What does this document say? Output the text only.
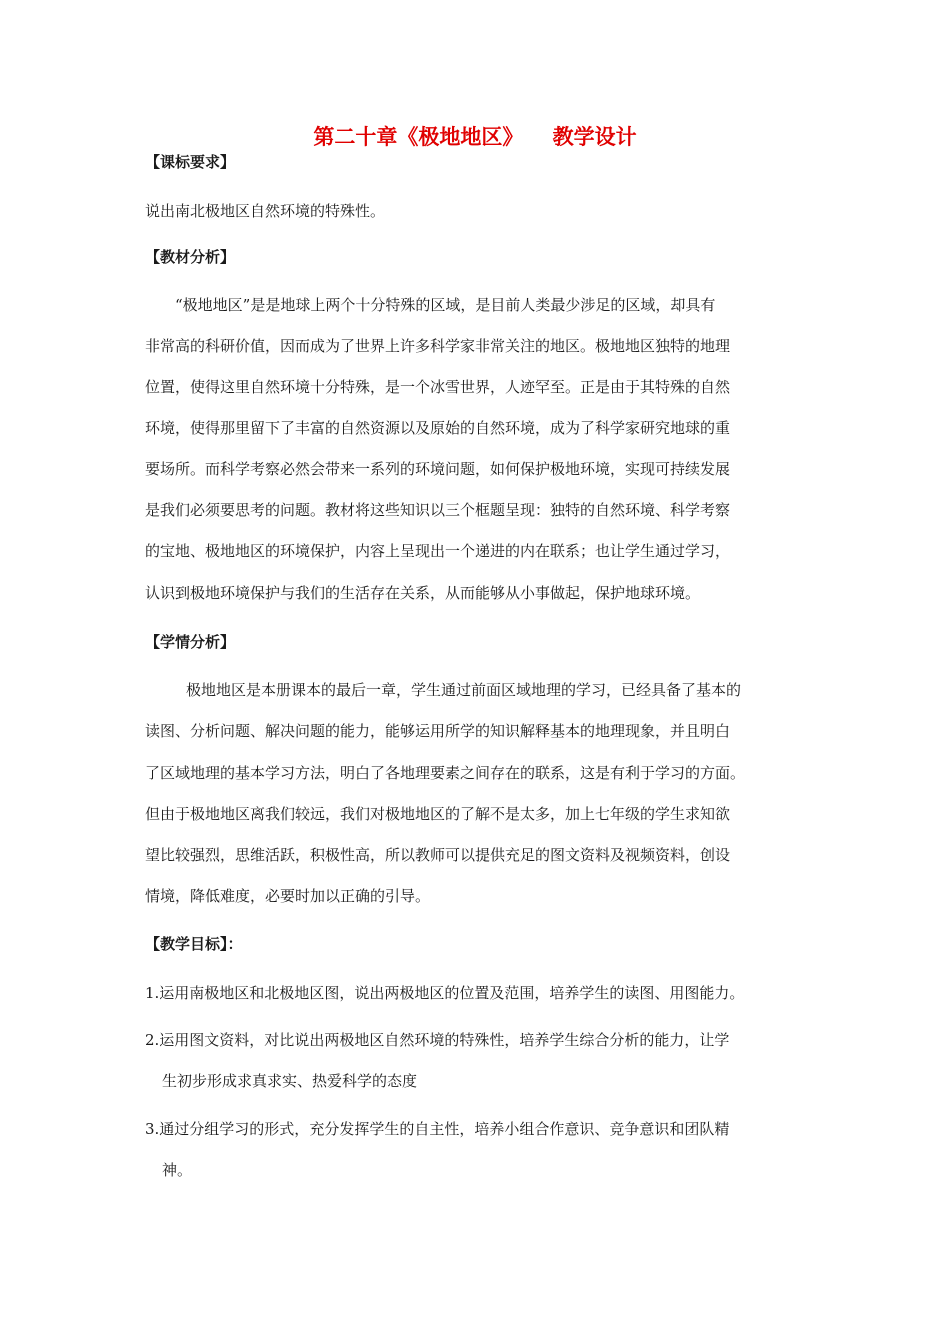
第二十章《极地地区》    教学设计
【课标要求】
说出南北极地区自然环境的特殊性。
【教材分析】
“极地地区”是是地球上两个十分特殊的区域，是目前人类最少涉足的区域，却具有
非常高的科研价值，因而成为了世界上许多科学家非常关注的地区。极地地区独特的地理
位置，使得这里自然环境十分特殊，是一个冰雪世界，人迹罕至。正是由于其特殊的自然
环境，使得那里留下了丰富的自然资源以及原始的自然环境，成为了科学家研究地球的重
要场所。而科学考察必然会带来一系列的环境问题，如何保护极地环境，实现可持续发展
是我们必须要思考的问题。教材将这些知识以三个框题呈现：独特的自然环境、科学考察
的宝地、极地地区的环境保护，内容上呈现出一个递进的内在联系；也让学生通过学习，
认识到极地环境保护与我们的生活存在关系，从而能够从小事做起，保护地球环境。
【学情分析】
极地地区是本册课本的最后一章，学生通过前面区域地理的学习，已经具备了基本的
读图、分析问题、解决问题的能力，能够运用所学的知识解释基本的地理现象，并且明白
了区域地理的基本学习方法，明白了各地理要素之间存在的联系，这是有利于学习的方面。
但由于极地地区离我们较远，我们对极地地区的了解不是太多，加上七年级的学生求知欲
望比较强烈，思维活跃，积极性高，所以教师可以提供充足的图文资料及视频资料，创设
情境，降低难度，必要时加以正确的引导。
【教学目标】：
1.运用南极地区和北极地区图，说出两极地区的位置及范围，培养学生的读图、用图能力。
2.运用图文资料，对比说出两极地区自然环境的特殊性，培养学生综合分析的能力，让学
生初步形成求真求实、热爱科学的态度
3.通过分组学习的形式，充分发挥学生的自主性，培养小组合作意识、竞争意识和团队精
神。
